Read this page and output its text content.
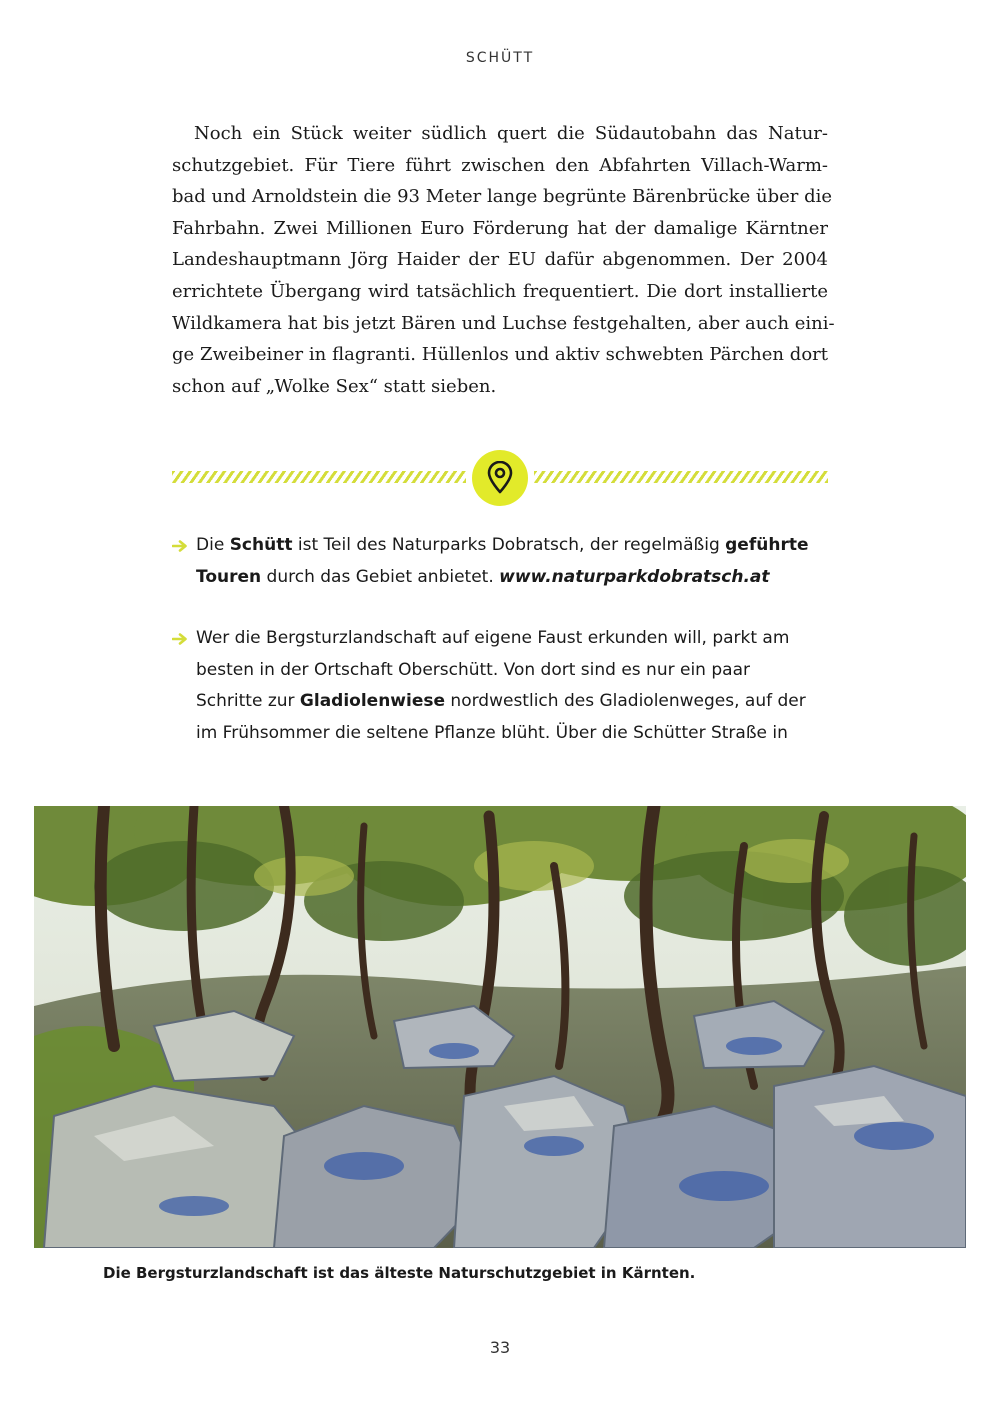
SCHÜTT

Noch ein Stück weiter südlich quert die Südautobahn das Natur-
schutzgebiet. Für Tiere führt zwischen den Abfahrten Villach-Warm-
bad und Arnoldstein die 93 Meter lange begrünte Bärenbrücke über die
Fahrbahn. Zwei Millionen Euro Förderung hat der damalige Kärntner
Landeshauptmann Jörg Haider der EU dafür abgenommen. Der 2004
errichtete Übergang wird tatsächlich frequentiert. Die dort installierte
Wildkamera hat bis jetzt Bären und Luchse festgehalten, aber auch eini-
ge Zweibeiner in flagranti. Hüllenlos und aktiv schwebten Pärchen dort
schon auf „Wolke Sex“ statt sieben.

Die Schütt ist Teil des Naturparks Dobratsch, der regelmäßig geführte
Touren durch das Gebiet anbietet. www.naturparkdobratsch.at
Wer die Bergsturzlandschaft auf eigene Faust erkunden will, parkt am
besten in der Ortschaft Oberschütt. Von dort sind es nur ein paar
Schritte zur Gladiolenwiese nordwestlich des Gladiolenweges, auf der
im Frühsommer die seltene Pflanze blüht. Über die Schütter Straße in
Die Bergsturzlandschaft ist das älteste Naturschutzgebiet in Kärnten.
33
